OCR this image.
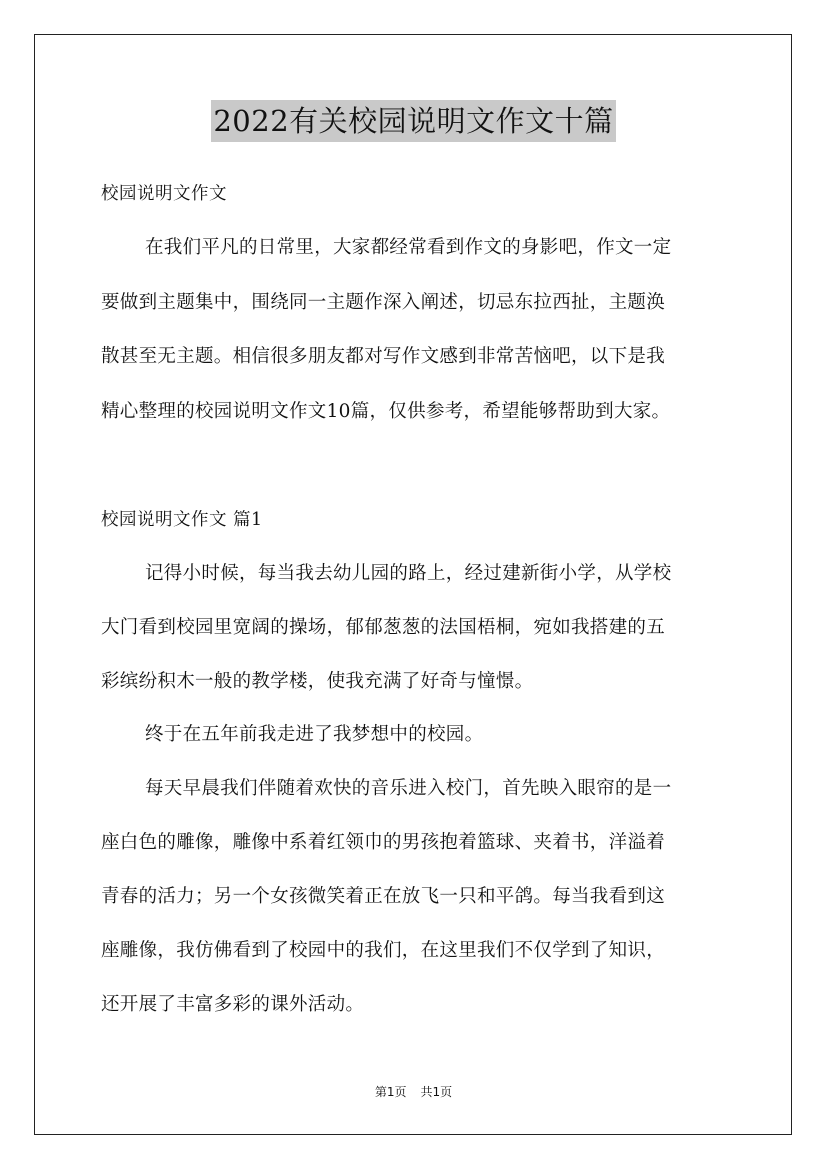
2022有关校园说明文作文十篇
校园说明文作文
在我们平凡的日常里，大家都经常看到作文的身影吧，作文一定
要做到主题集中，围绕同一主题作深入阐述，切忌东拉西扯，主题涣
散甚至无主题。相信很多朋友都对写作文感到非常苦恼吧，以下是我
精心整理的校园说明文作文10篇，仅供参考，希望能够帮助到大家。
校园说明文作文 篇1
记得小时候，每当我去幼儿园的路上，经过建新街小学，从学校
大门看到校园里宽阔的操场，郁郁葱葱的法国梧桐，宛如我搭建的五
彩缤纷积木一般的教学楼，使我充满了好奇与憧憬。
终于在五年前我走进了我梦想中的校园。
每天早晨我们伴随着欢快的音乐进入校门，首先映入眼帘的是一
座白色的雕像，雕像中系着红领巾的男孩抱着篮球、夹着书，洋溢着
青春的活力；另一个女孩微笑着正在放飞一只和平鸽。每当我看到这
座雕像，我仿佛看到了校园中的我们，在这里我们不仅学到了知识，
还开展了丰富多彩的课外活动。
第1页 共1页
